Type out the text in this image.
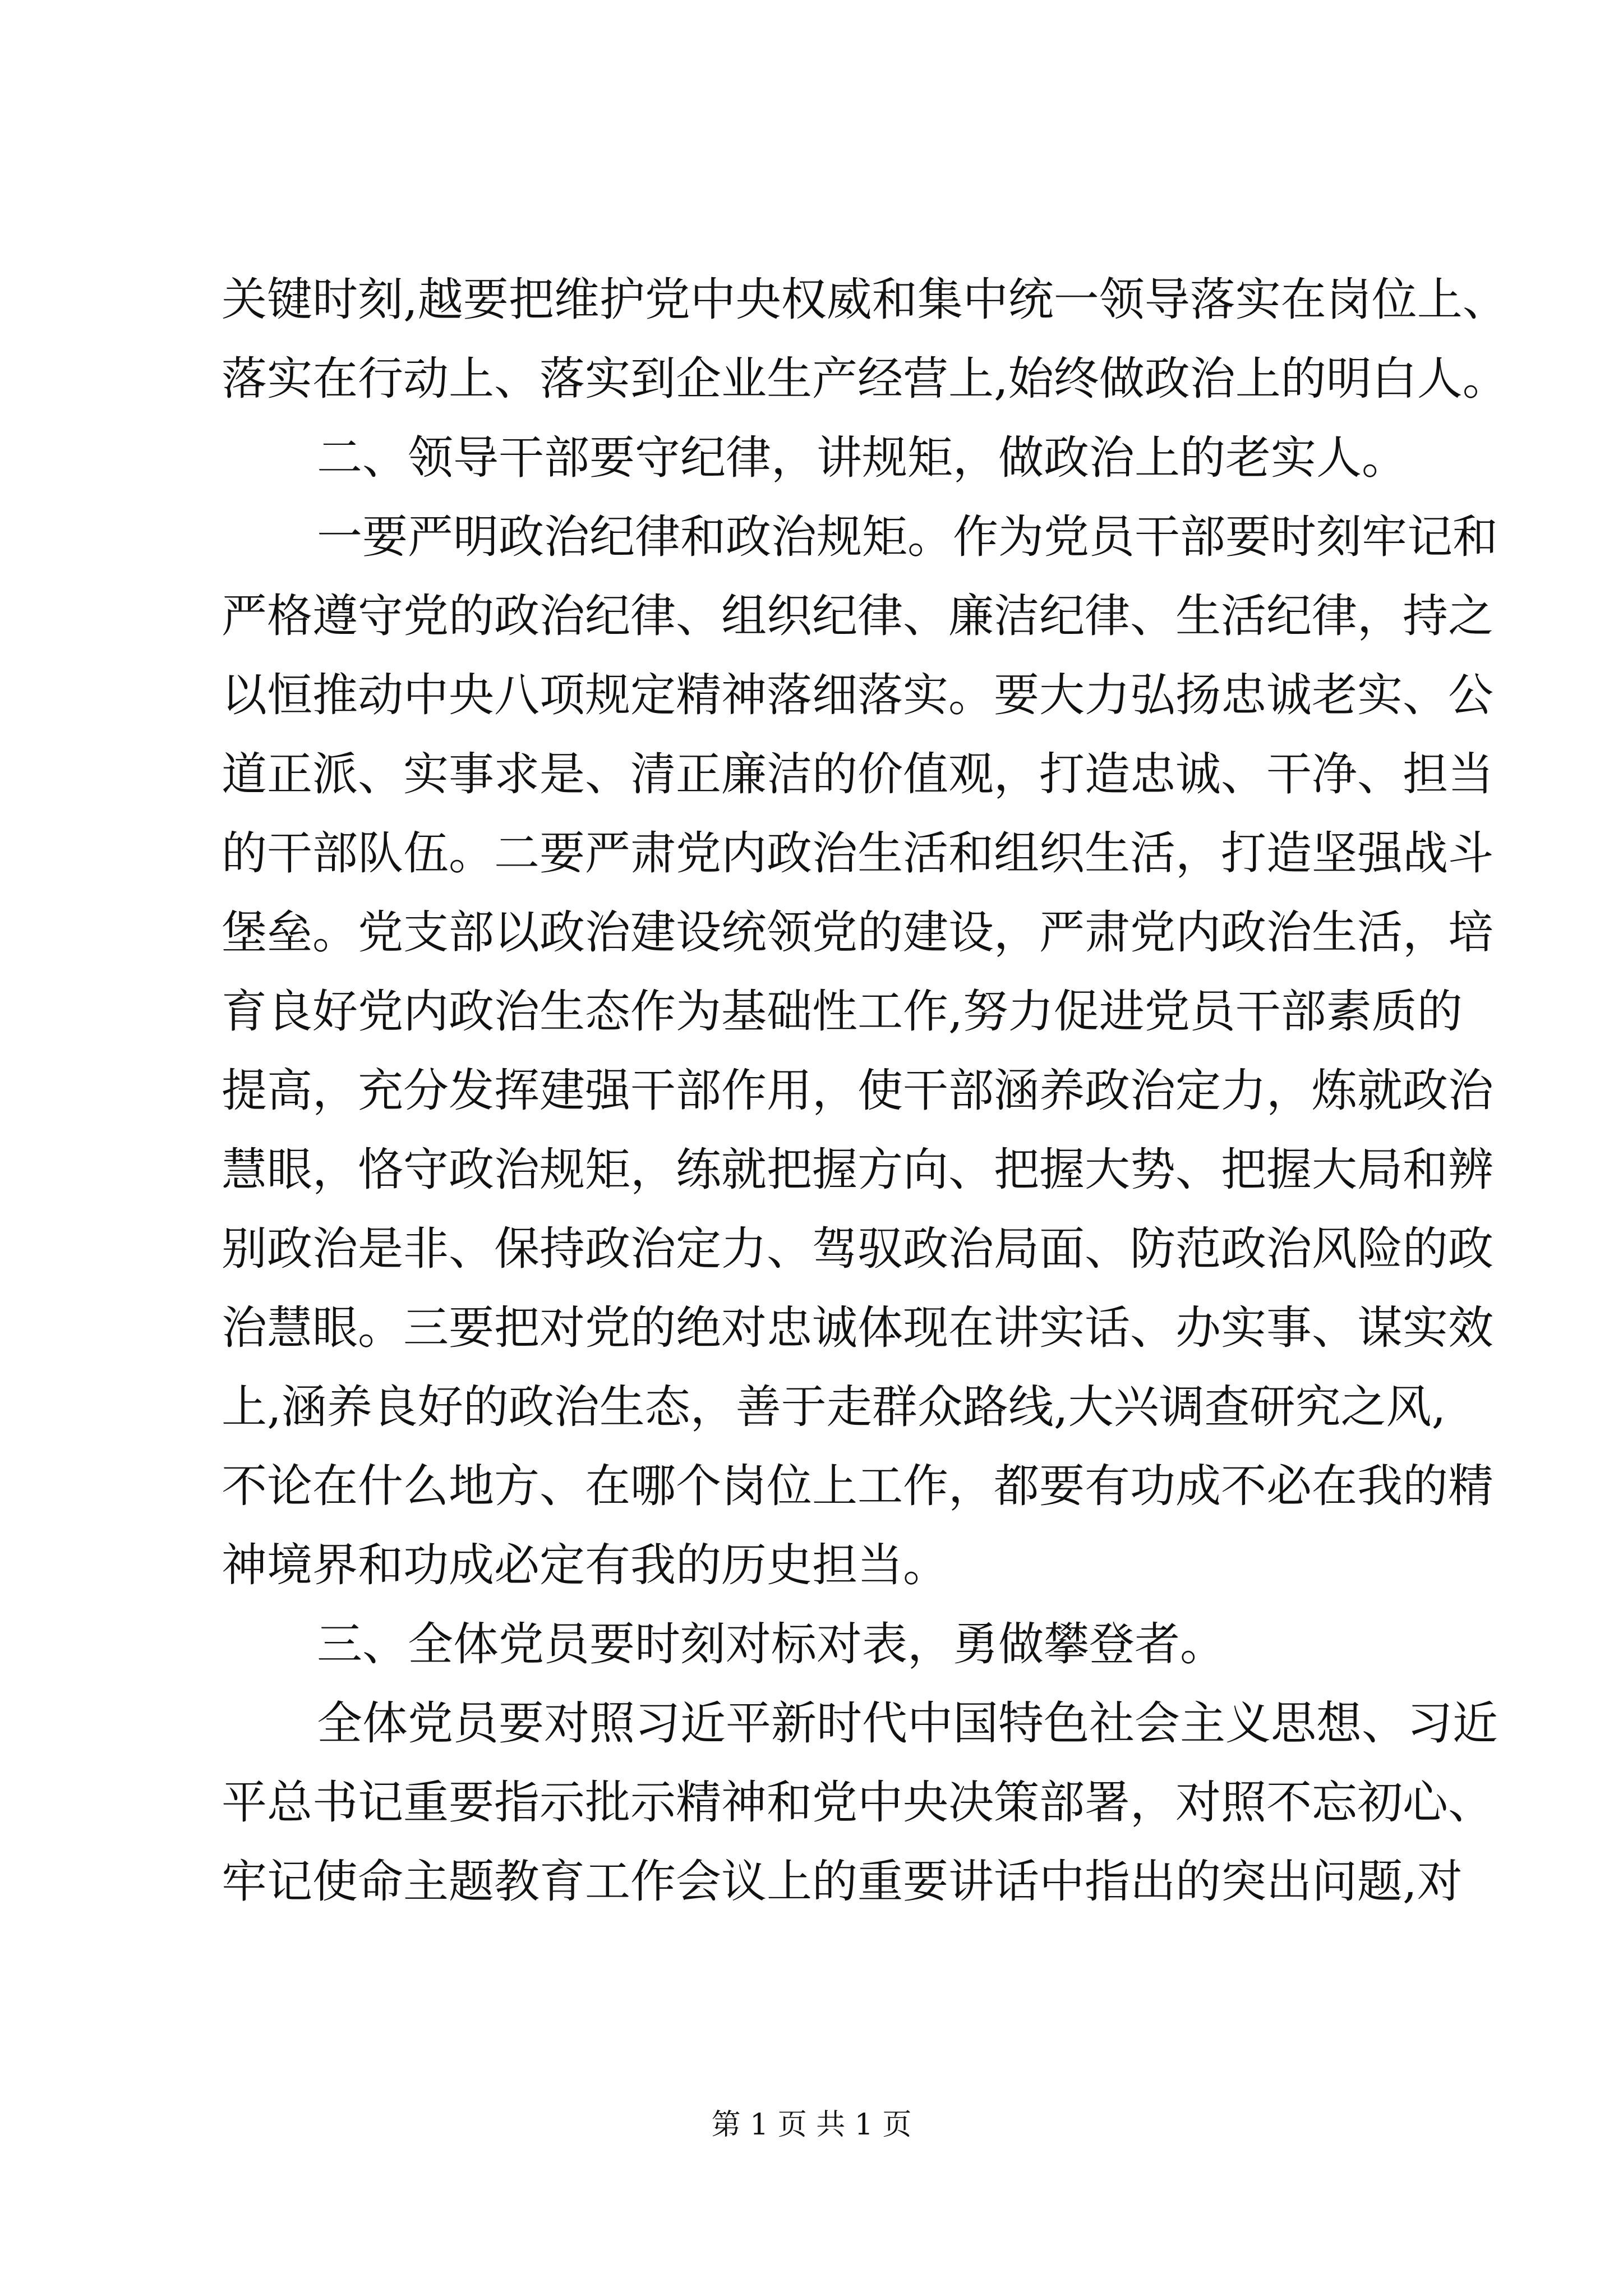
关键时刻,越要把维护党中央权威和集中统一领导落实在岗位上、
落实在行动上、落实到企业生产经营上,始终做政治上的明白人。
二、领导干部要守纪律，讲规矩，做政治上的老实人。
一要严明政治纪律和政治规矩。作为党员干部要时刻牢记和
严格遵守党的政治纪律、组织纪律、廉洁纪律、生活纪律，持之
以恒推动中央八项规定精神落细落实。要大力弘扬忠诚老实、公
道正派、实事求是、清正廉洁的价值观，打造忠诚、干净、担当
的干部队伍。二要严肃党内政治生活和组织生活，打造坚强战斗
堡垒。党支部以政治建设统领党的建设，严肃党内政治生活，培
育良好党内政治生态作为基础性工作,努力促进党员干部素质的
提高，充分发挥建强干部作用，使干部涵养政治定力，炼就政治
慧眼，恪守政治规矩，练就把握方向、把握大势、把握大局和辨
别政治是非、保持政治定力、驾驭政治局面、防范政治风险的政
治慧眼。三要把对党的绝对忠诚体现在讲实话、办实事、谋实效
上,涵养良好的政治生态，善于走群众路线,大兴调查研究之风,
不论在什么地方、在哪个岗位上工作，都要有功成不必在我的精
神境界和功成必定有我的历史担当。
三、全体党员要时刻对标对表，勇做攀登者。
全体党员要对照习近平新时代中国特色社会主义思想、习近
平总书记重要指示批示精神和党中央决策部署，对照不忘初心、
牢记使命主题教育工作会议上的重要讲话中指出的突出问题,对
第 1 页 共 1 页
